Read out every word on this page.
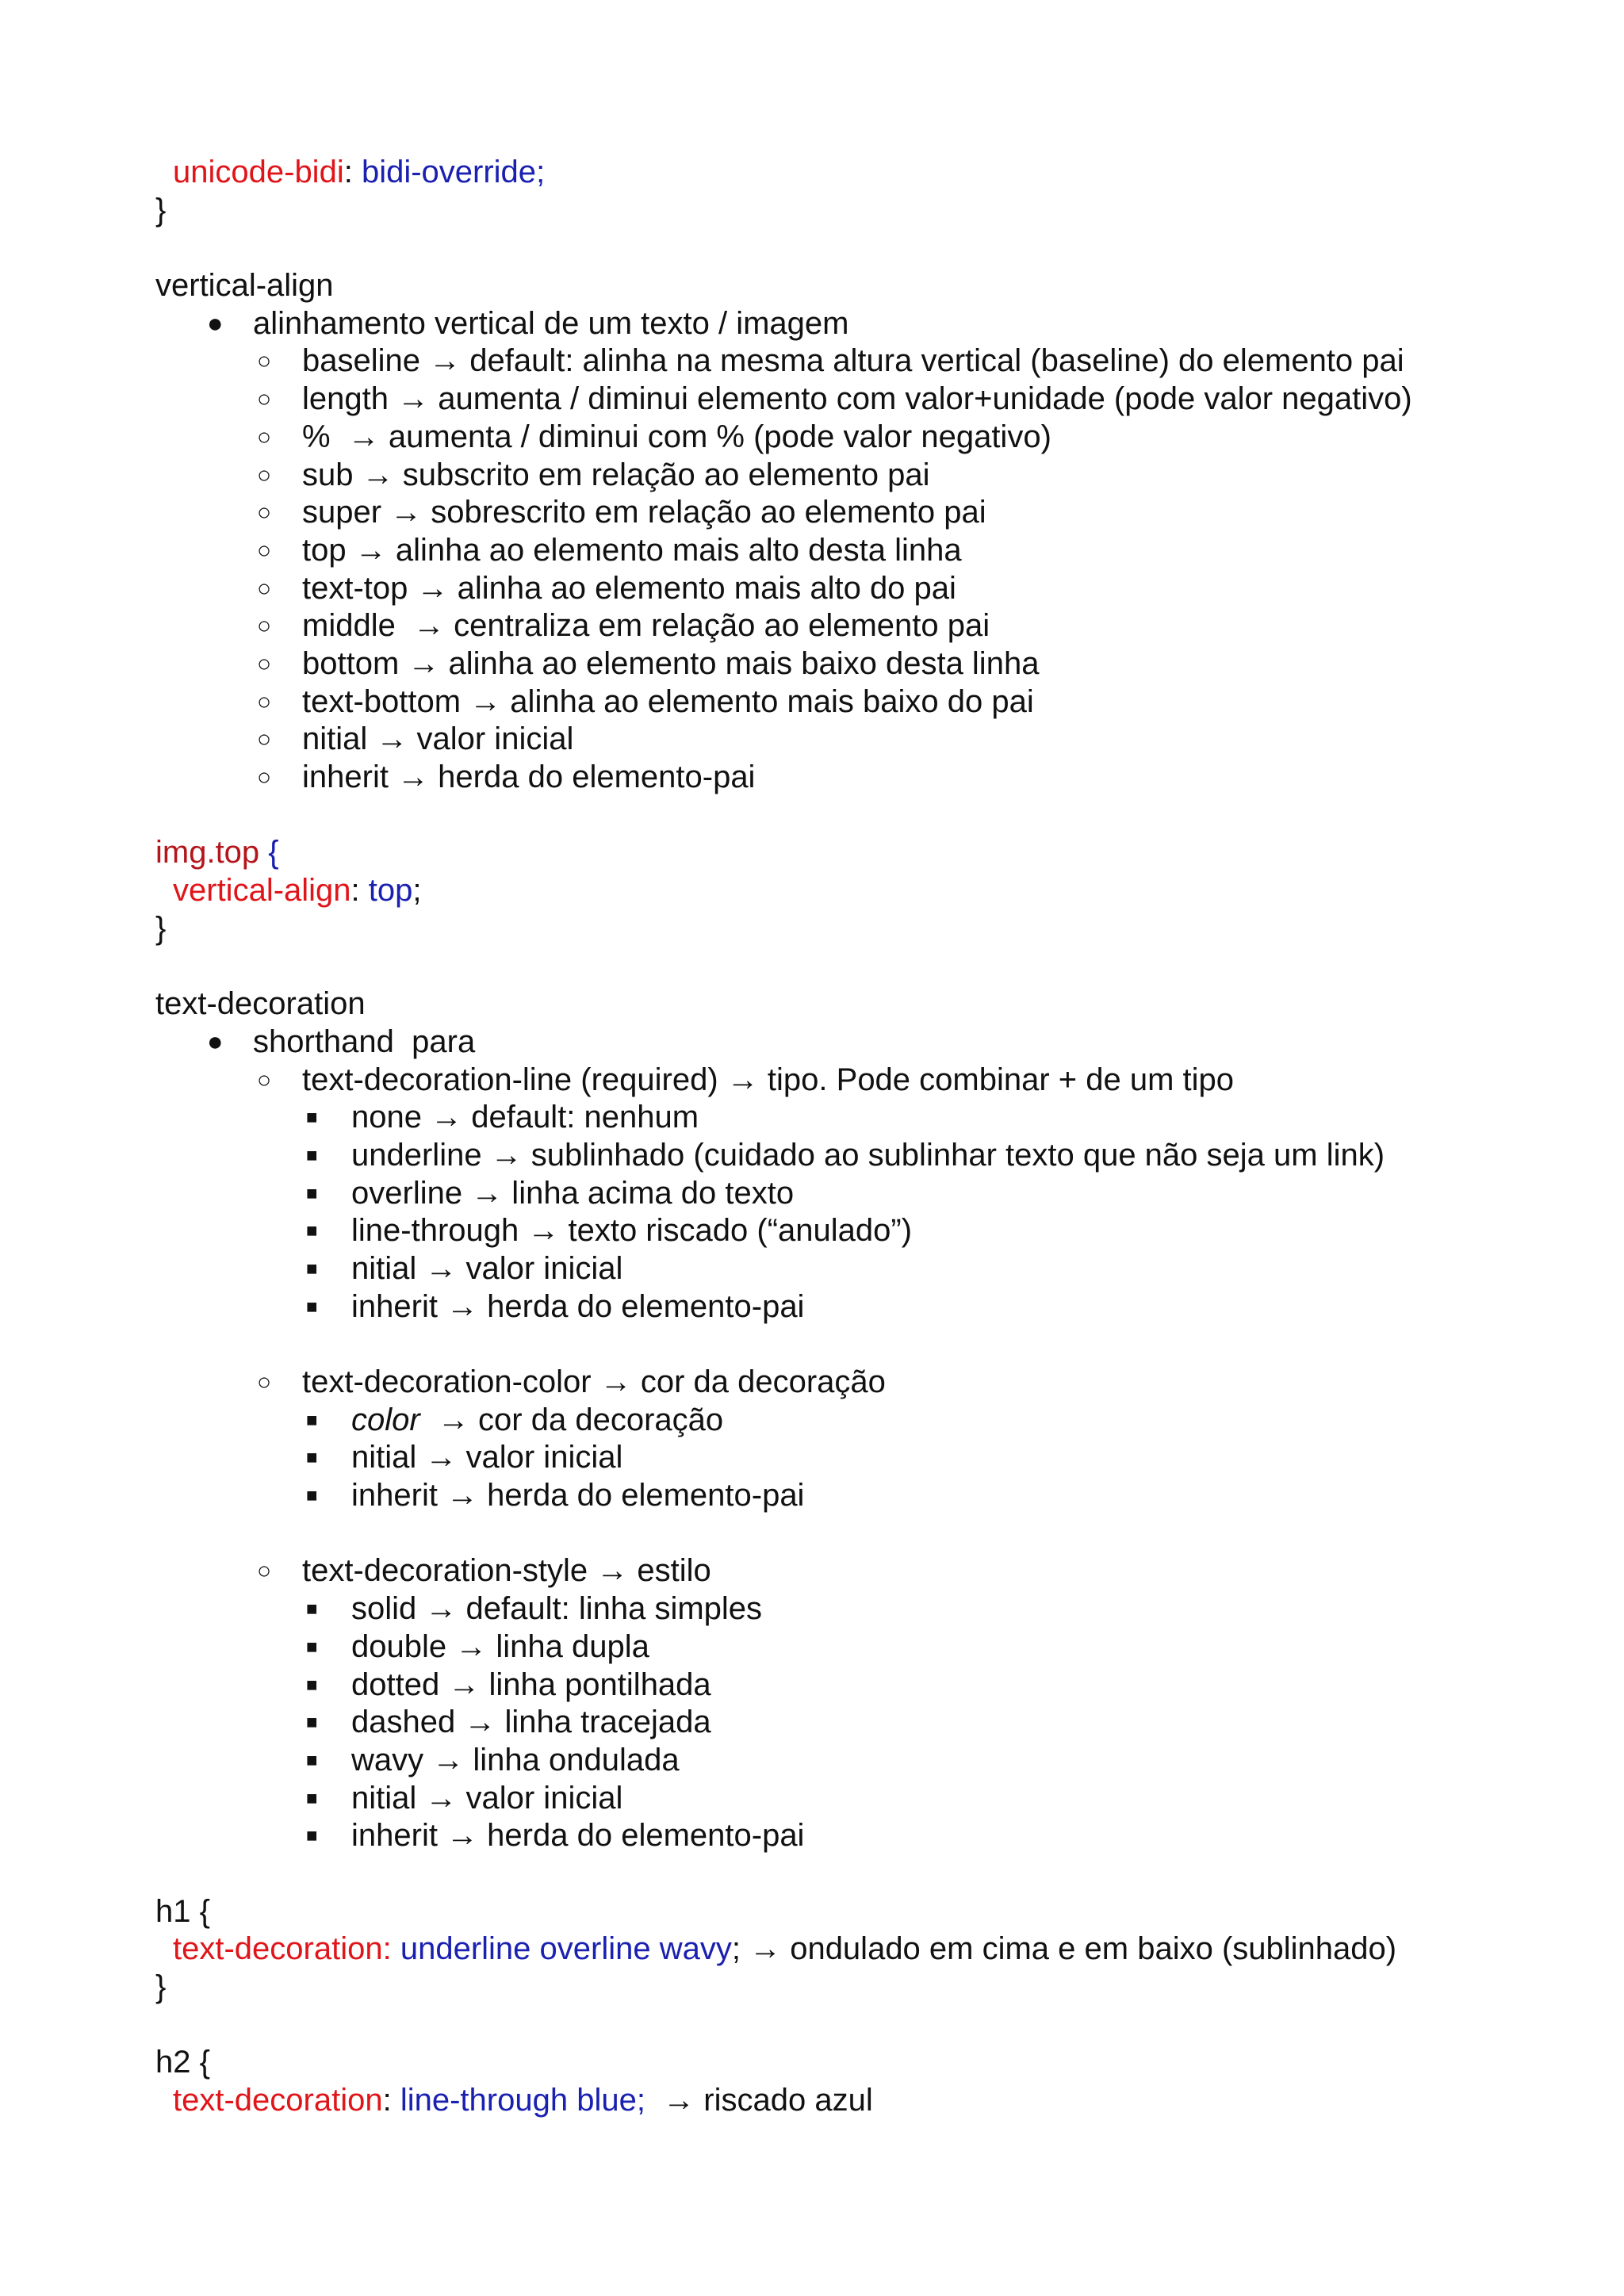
unicode-bidi: bidi-override;
}
vertical-align
● alinhamento vertical de um texto / imagem
○ baseline → default: alinha na mesma altura vertical (baseline) do elemento pai
○ length → aumenta / diminui elemento com valor+unidade (pode valor negativo)
○ %  → aumenta / diminui com % (pode valor negativo)
○ sub → subscrito em relação ao elemento pai
○ super → sobrescrito em relação ao elemento pai
○ top → alinha ao elemento mais alto desta linha
○ text-top → alinha ao elemento mais alto do pai
○ middle  → centraliza em relação ao elemento pai
○ bottom → alinha ao elemento mais baixo desta linha
○ text-bottom → alinha ao elemento mais baixo do pai
○ nitial → valor inicial
○ inherit → herda do elemento-pai
img.top {
vertical-align: top;
}
text-decoration
● shorthand  para
○ text-decoration-line (required) → tipo. Pode combinar + de um tipo
■ none → default: nenhum
■ underline → sublinhado (cuidado ao sublinhar texto que não seja um link)
■ overline → linha acima do texto
■ line-through → texto riscado (“anulado”)
■ nitial → valor inicial
■ inherit → herda do elemento-pai
○ text-decoration-color → cor da decoração
■ color  → cor da decoração
■ nitial → valor inicial
■ inherit → herda do elemento-pai
○ text-decoration-style → estilo
■ solid → default: linha simples
■ double → linha dupla
■ dotted → linha pontilhada
■ dashed → linha tracejada
■ wavy → linha ondulada
■ nitial → valor inicial
■ inherit → herda do elemento-pai
h1 {
text-decoration: underline overline wavy; → ondulado em cima e em baixo (sublinhado)
}
h2 {
text-decoration: line-through blue;  → riscado azul
